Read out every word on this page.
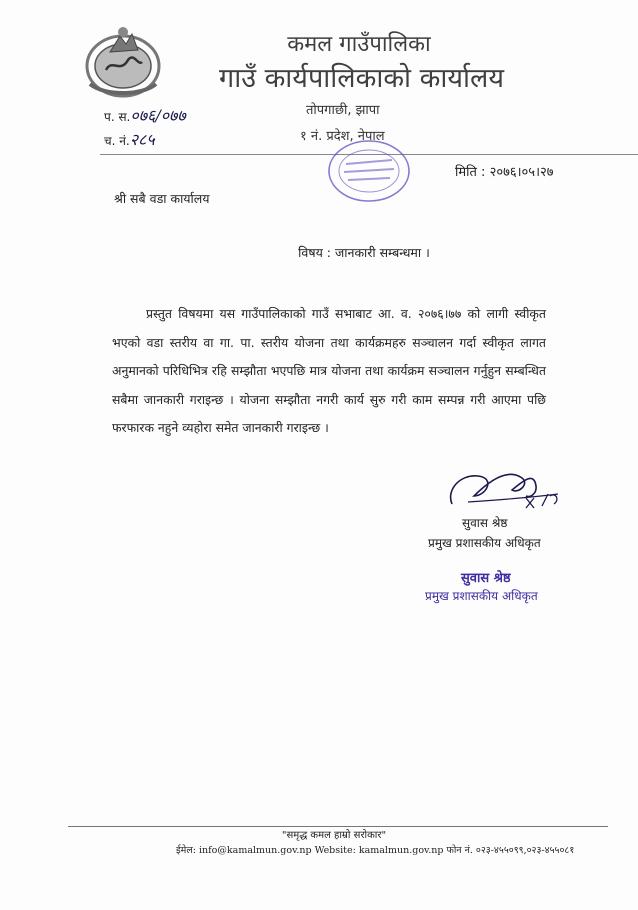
कमल गाउँपालिका
गाउँ कार्यपालिकाको कार्यालय
तोपगाछी, झापा
१ नं. प्रदेश, नेपाल
प. स.०७६/०७७
च. नं.२८५
मिति : २०७६।०५।२७
श्री सबै वडा कार्यालय
विषय : जानकारी सम्बन्धमा ।
प्रस्तुत विषयमा यस गाउँपालिकाको गाउँ सभाबाट आ. व. २०७६।७७ को लागी स्वीकृत भएको वडा स्तरीय वा गा. पा. स्तरीय योजना तथा कार्यक्रमहरु सञ्चालन गर्दा स्वीकृत लागत अनुमानको परिधिभित्र रहि सम्झौता भएपछि मात्र योजना तथा कार्यक्रम सञ्चालन गर्नुहुन सम्बन्धित सबैमा जानकारी गराइन्छ । योजना सम्झौता नगरी कार्य सुरु गरी काम सम्पन्न गरी आएमा पछि फरफारक नहुने व्यहोरा समेत जानकारी गराइन्छ ।
सुवास श्रेष्ठ
प्रमुख प्रशासकीय अधिकृत
सुवास श्रेष्ठ
प्रमुख प्रशासकीय अधिकृत
"समृद्ध कमल हाम्रो सरोकार"
ईमेल: info@kamalmun.gov.np Website: kamalmun.gov.np फोन नं. ०२३-४५५०९९,०२३-४५५०८१
